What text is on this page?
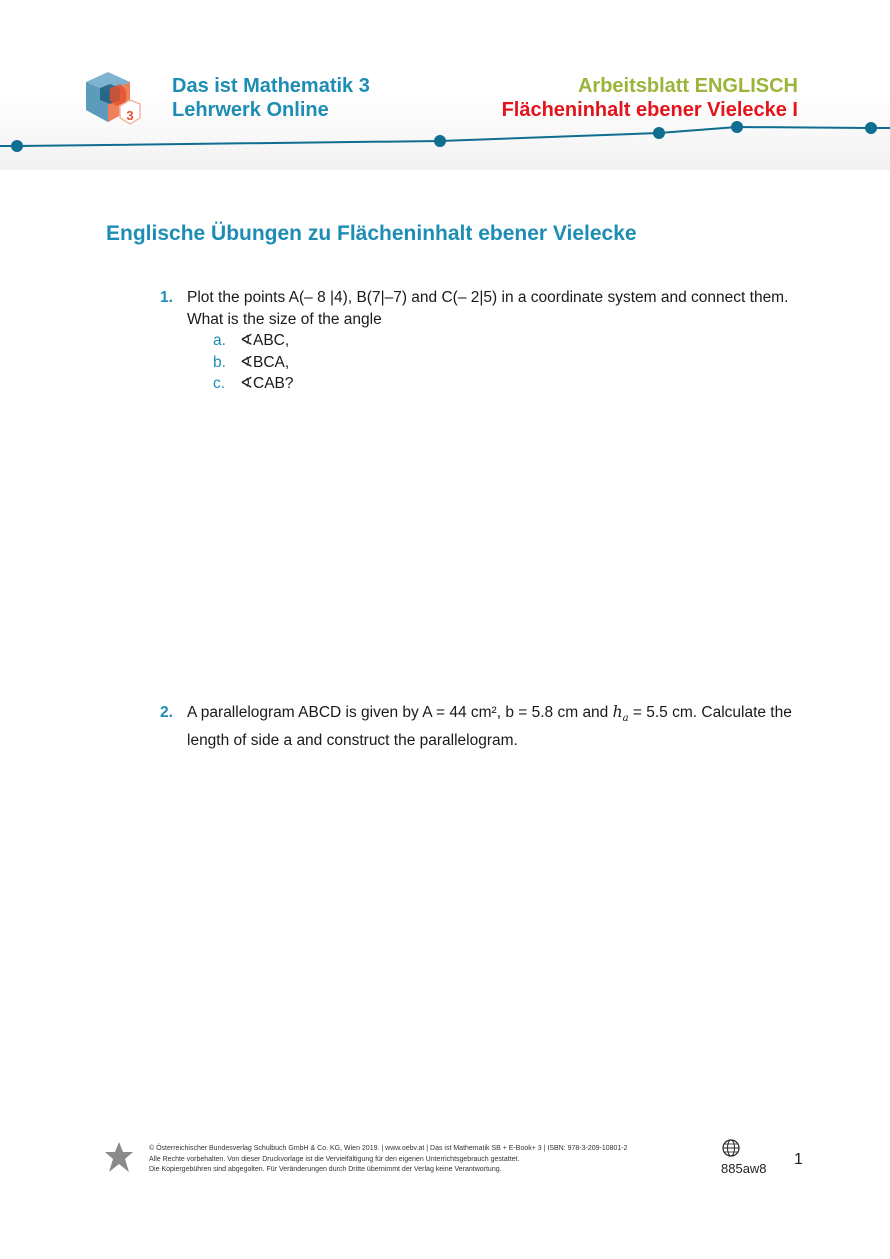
3
Das ist Mathematik 3
Lehrwerk Online
Arbeitsblatt ENGLISCH
Flächeninhalt ebener Vielecke I
Englische Übungen zu Flächeninhalt ebener Vielecke
1. Plot the points A(– 8 |4), B(7|–7) and C(– 2|5) in a coordinate system and connect them. What is the size of the angle
a.	∢ ABC,
b.	∢ BCA,
c.	∢ CAB?
2. A parallelogram ABCD is given by A = 44 cm², b = 5.8 cm and $h_a = 5.5$ cm. Calculate the length of side a and construct the parallelogram.
© Österreichischer Bundesverlag Schulbuch GmbH & Co. KG, Wien 2019. | www.oebv.at | Das ist Mathematik SB + E-Book+ 3 | ISBN: 978-3-209-10801-2
Alle Rechte vorbehalten. Von dieser Druckvorlage ist die Vervielfältigung für den eigenen Unterrichtsgebrauch gestattet.
Die Kopiergebühren sind abgegolten. Für Veränderungen durch Dritte übernimmt der Verlag keine Verantwortung.	885aw8
1
